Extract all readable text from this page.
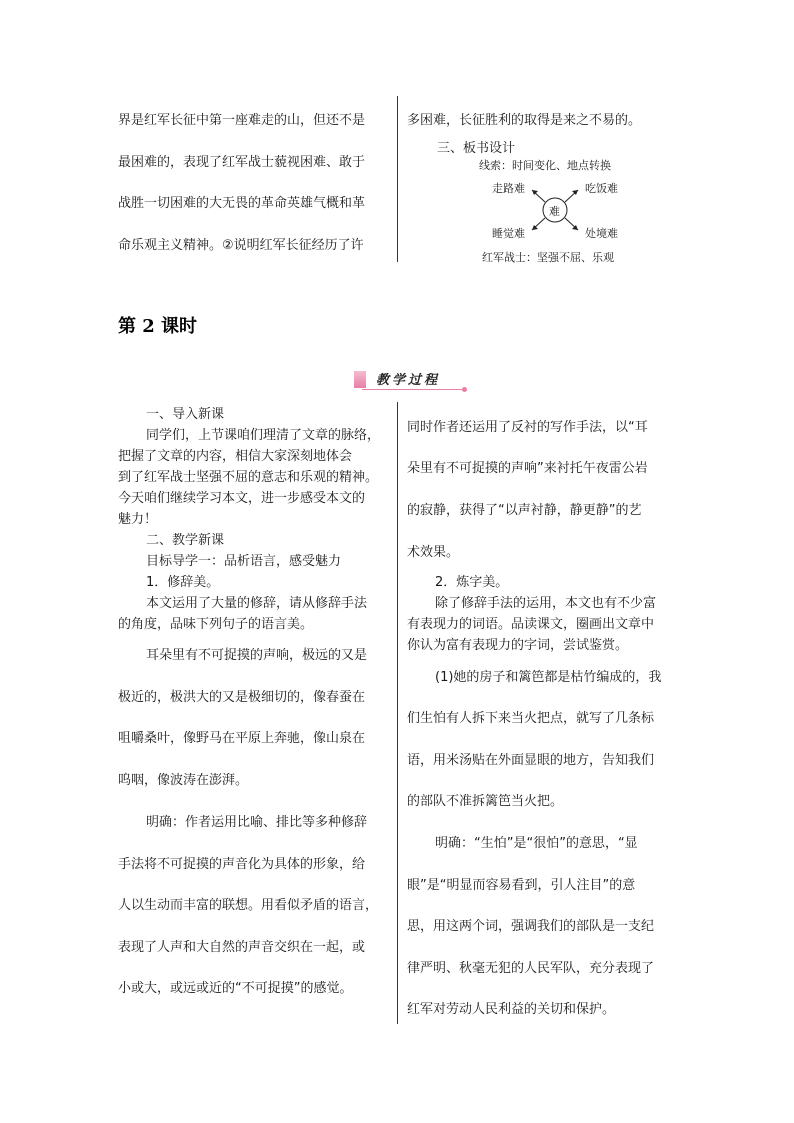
界是红军长征中第一座难走的山，但还不是
最困难的，表现了红军战士藐视困难、敢于
战胜一切困难的大无畏的革命英雄气概和革
命乐观主义精神。②说明红军长征经历了许
多困难，长征胜利的取得是来之不易的。
三、板书设计
线索：时间变化、地点转换
难
走路难	吃饭难
睡觉难	处境难
红军战士：坚强不屈、乐观
第 2 课时
教学过程
一、导入新课
同学们，上节课咱们理清了文章的脉络，
把握了文章的内容，相信大家深刻地体会
到了红军战士坚强不屈的意志和乐观的精神。
今天咱们继续学习本文，进一步感受本文的
魅力！
二、教学新课
目标导学一：品析语言，感受魅力
1．修辞美。
本文运用了大量的修辞，请从修辞手法
的角度，品味下列句子的语言美。
耳朵里有不可捉摸的声响，极远的又是
极近的，极洪大的又是极细切的，像春蚕在
咀嚼桑叶，像野马在平原上奔驰，像山泉在
呜咽，像波涛在澎湃。
明确：作者运用比喻、排比等多种修辞
手法将不可捉摸的声音化为具体的形象，给
人以生动而丰富的联想。用看似矛盾的语言，
表现了人声和大自然的声音交织在一起，或
小或大，或远或近的“不可捉摸”的感觉。
同时作者还运用了反衬的写作手法，以“耳
朵里有不可捉摸的声响”来衬托午夜雷公岩
的寂静，获得了“以声衬静，静更静”的艺
术效果。
2．炼字美。
除了修辞手法的运用，本文也有不少富
有表现力的词语。品读课文，圈画出文章中
你认为富有表现力的字词，尝试鉴赏。
(1)她的房子和篱笆都是枯竹编成的，我
们生怕有人拆下来当火把点，就写了几条标
语，用米汤贴在外面显眼的地方，告知我们
的部队不准拆篱笆当火把。
明确：“生怕”是“很怕”的意思，“显
眼”是“明显而容易看到，引人注目”的意
思，用这两个词，强调我们的部队是一支纪
律严明、秋毫无犯的人民军队，充分表现了
红军对劳动人民利益的关切和保护。
